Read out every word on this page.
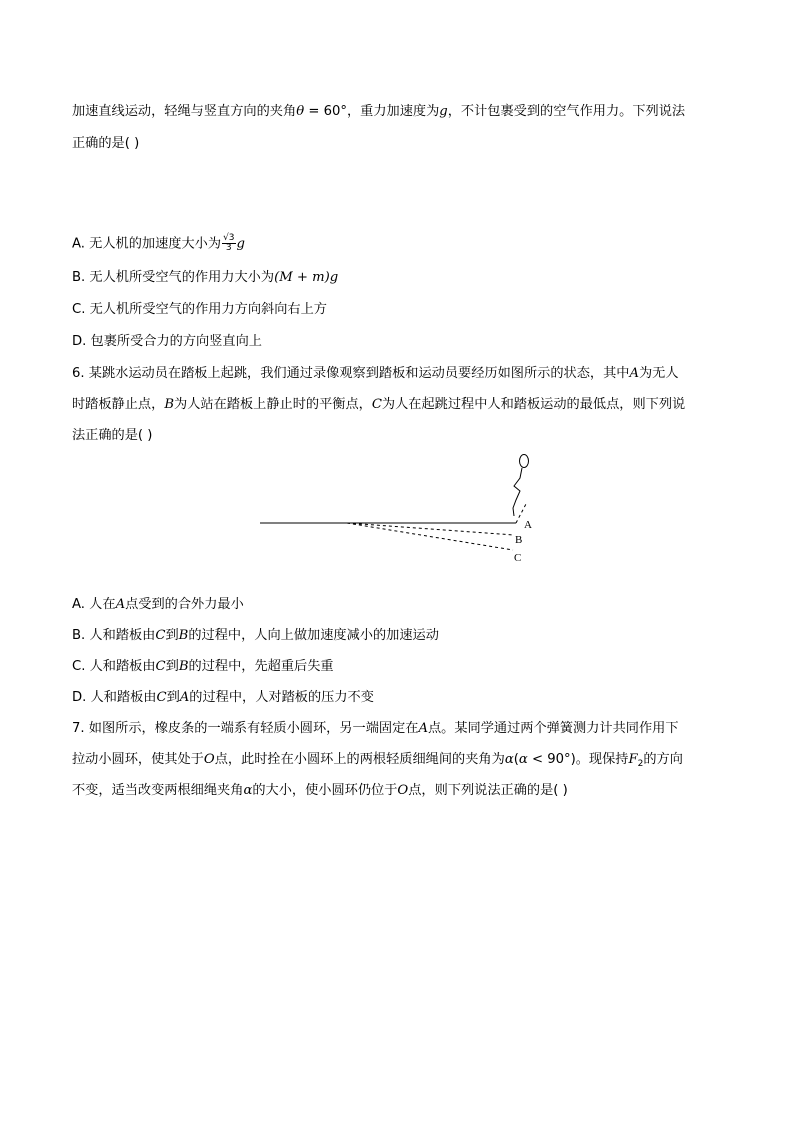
加速直线运动，轻绳与竖直方向的夹角θ = 60°，重力加速度为g，不计包裹受到的空气作用力。下列说法
正确的是( )
A. 无人机的加速度大小为 $\frac{√3}{3}$ g
B. 无人机所受空气的作用力大小为(M + m)g
C. 无人机所受空气的作用力方向斜向右上方
D. 包裹所受合力的方向竖直向上
6. 某跳水运动员在踏板上起跳，我们通过录像观察到踏板和运动员要经历如图所示的状态，其中A为无人
时踏板静止点，B为人站在踏板上静止时的平衡点，C为人在起跳过程中人和踏板运动的最低点，则下列说
法正确的是( )
A
B
C
A. 人在A点受到的合外力最小
B. 人和踏板由C到B的过程中，人向上做加速度减小的加速运动
C. 人和踏板由C到B的过程中，先超重后失重
D. 人和踏板由C到A的过程中，人对踏板的压力不变
7. 如图所示，橡皮条的一端系有轻质小圆环，另一端固定在A点。某同学通过两个弹簧测力计共同作用下
拉动小圆环，使其处于O点，此时拴在小圆环上的两根轻质细绳间的夹角为α(α < 90°)。现保持$F_2$的方向
不变，适当改变两根细绳夹角α的大小，使小圆环仍位于O点，则下列说法正确的是( )
